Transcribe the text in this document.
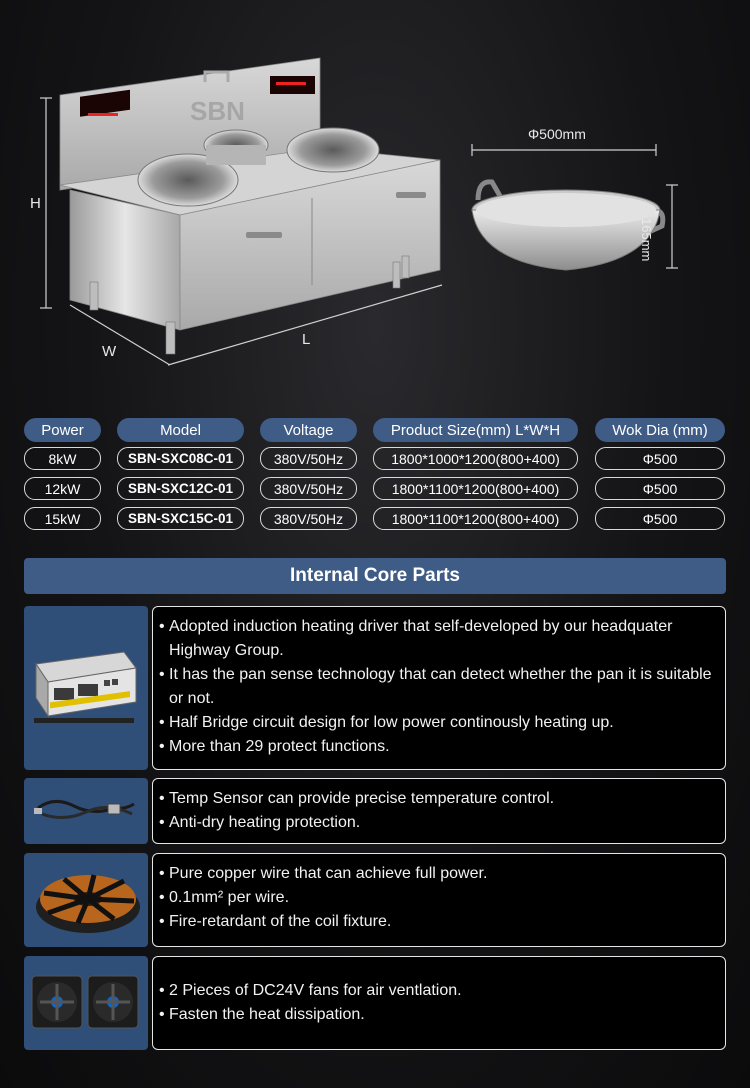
SBN
H
W
L
Φ500mm
165mm
Power	Model	Voltage	Product Size(mm) L*W*H	Wok Dia (mm)
8kW	SBN-SXC08C-01	380V/50Hz	1800*1000*1200(800+400)	Φ500
12kW	SBN-SXC12C-01	380V/50Hz	1800*1100*1200(800+400)	Φ500
15kW	SBN-SXC15C-01	380V/50Hz	1800*1100*1200(800+400)	Φ500
Internal Core Parts
• Adopted induction heating driver that self-developed by our headquater Highway Group.
• It has the pan sense technology that can detect whether the pan it is suitable or not.
• Half Bridge circuit design for low power continously heating up.
• More than 29 protect functions.
• Temp Sensor can provide precise temperature control.
• Anti-dry heating protection.
• Pure copper wire that can achieve full power.
• 0.1mm² per wire.
• Fire-retardant of the coil fixture.
• 2 Pieces of DC24V fans for air ventlation.
• Fasten the heat dissipation.
